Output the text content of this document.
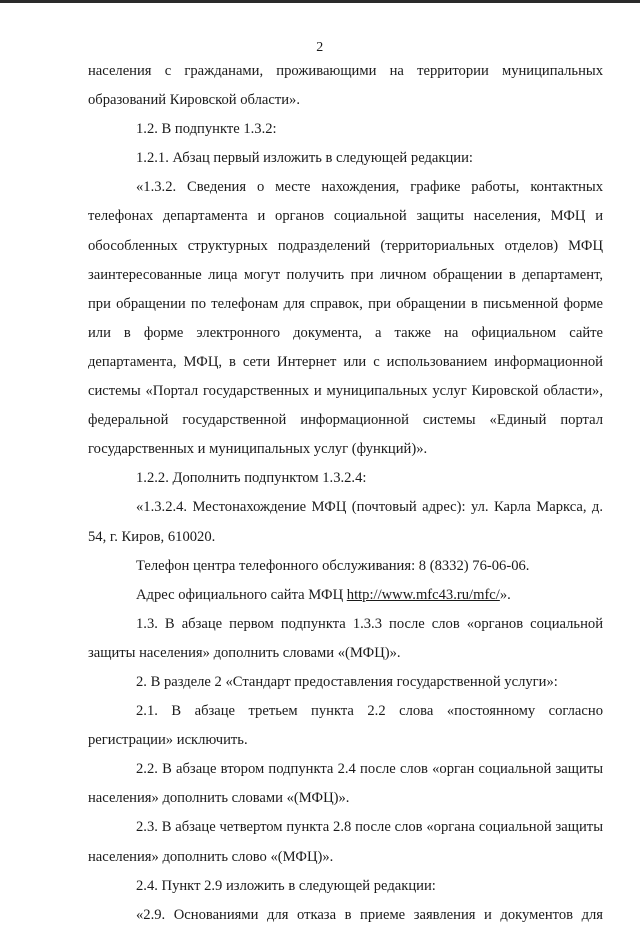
2

населения с гражданами, проживающими на территории муниципальных образований Кировской области».

1.2. В подпункте 1.3.2:

1.2.1. Абзац первый изложить в следующей редакции:

«1.3.2. Сведения о месте нахождения, графике работы, контактных телефонах департамента и органов социальной защиты населения, МФЦ и обособленных структурных подразделений (территориальных отделов) МФЦ заинтересованные лица могут получить при личном обращении в департамент, при обращении по телефонам для справок, при обращении в письменной форме или в форме электронного документа, а также на официальном сайте департамента, МФЦ, в сети Интернет или с использованием информационной системы «Портал государственных и муниципальных услуг Кировской области», федеральной государственной информационной системы «Единый портал государственных и муниципальных услуг (функций)».

1.2.2. Дополнить подпунктом 1.3.2.4:

«1.3.2.4. Местонахождение МФЦ (почтовый адрес): ул. Карла Маркса, д. 54, г. Киров, 610020.

Телефон центра телефонного обслуживания: 8 (8332) 76-06-06.

Адрес официального сайта МФЦ http://www.mfc43.ru/mfc/».

1.3. В абзаце первом подпункта 1.3.3 после слов «органов социальной защиты населения» дополнить словами «(МФЦ)».

2. В разделе 2 «Стандарт предоставления государственной услуги»:

2.1. В абзаце третьем пункта 2.2 слова «постоянному согласно регистрации» исключить.

2.2. В абзаце втором подпункта 2.4 после слов «орган социальной защиты населения» дополнить словами «(МФЦ)».

2.3. В абзаце четвертом пункта 2.8 после слов «органа социальной защиты населения» дополнить слово «(МФЦ)».

2.4. Пункт 2.9 изложить в следующей редакции:

«2.9. Основаниями для отказа в приеме заявления и документов для
